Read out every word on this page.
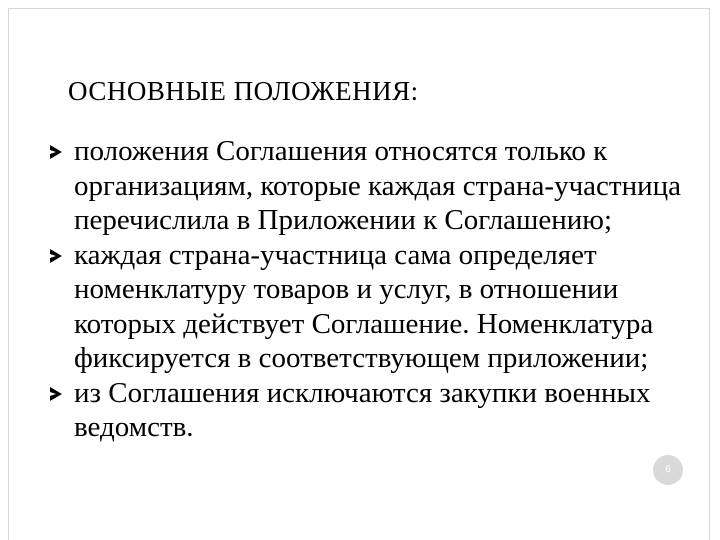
ОСНОВНЫЕ ПОЛОЖЕНИЯ:
положения Соглашения относятся только к организациям, которые каждая страна-участница перечислила в Приложении к Соглашению;
каждая страна-участница сама определяет номенклатуру товаров и услуг, в отношении которых действует Соглашение. Номенклатура фиксируется в соответствующем приложении;
из Соглашения исключаются закупки военных ведомств.
6
